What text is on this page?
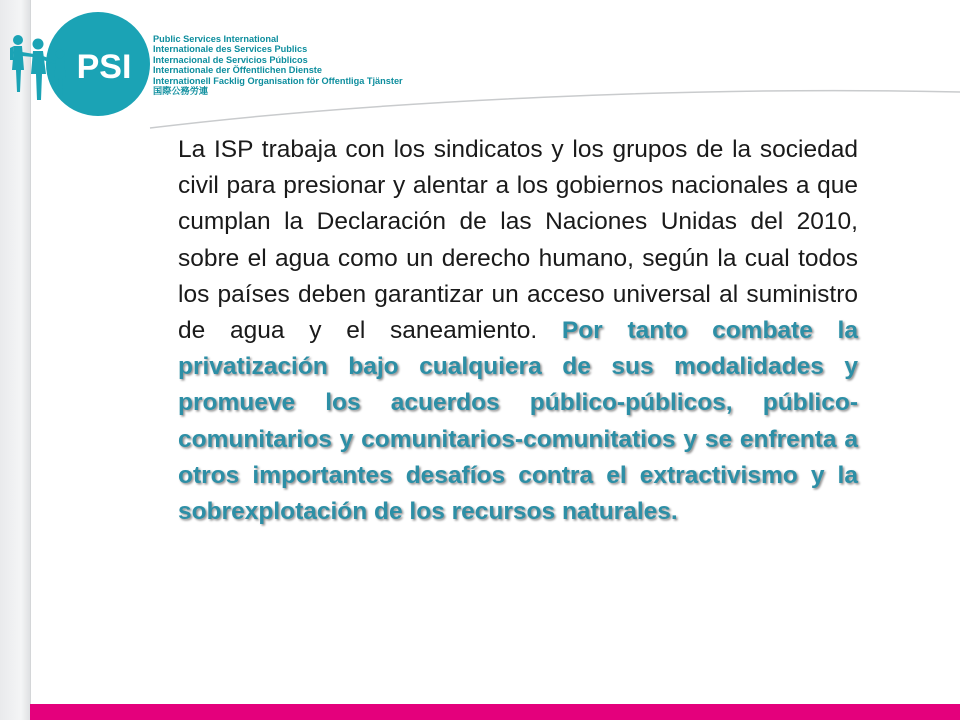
PSI
Public Services International
Internationale des Services Publics
Internacional de Servicios Públicos
Internationale der Öffentlichen Dienste
Internationell Facklig Organisation för Offentliga Tjänster
国際公務労連
La ISP trabaja con los sindicatos y los grupos de la sociedad civil para presionar y alentar a los gobiernos nacionales a que cumplan la Declaración de las Naciones Unidas del 2010, sobre el agua como un derecho humano, según la cual todos los países deben garantizar un acceso universal al suministro de agua y el saneamiento. Por tanto combate la privatización bajo cualquiera de sus modalidades y promueve los acuerdos público-públicos, público-comunitarios y comunitarios-comunitatios y se enfrenta a otros importantes desafíos contra el extractivismo y la sobrexplotación de los recursos naturales.
